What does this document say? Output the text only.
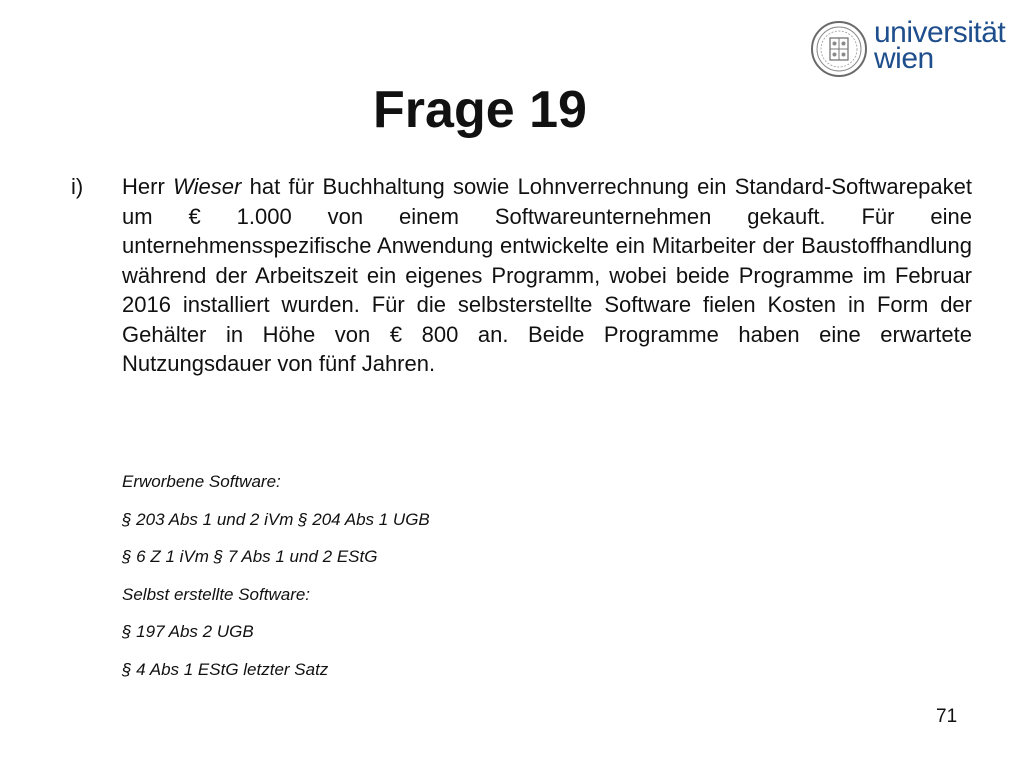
universität
wien
Frage 19
i) Herr Wieser hat für Buchhaltung sowie Lohnverrechnung ein Standard-Softwarepaket um € 1.000 von einem Softwareunternehmen gekauft. Für eine unternehmensspezifische Anwendung entwickelte ein Mitarbeiter der Baustoffhandlung während der Arbeitszeit ein eigenes Programm, wobei beide Programme im Februar 2016 installiert wurden. Für die selbsterstellte Software fielen Kosten in Form der Gehälter in Höhe von € 800 an. Beide Programme haben eine erwartete Nutzungsdauer von fünf Jahren.
Erworbene Software:
§ 203 Abs 1 und 2 iVm § 204 Abs 1 UGB
§ 6 Z 1 iVm § 7 Abs 1 und 2 EStG
Selbst erstellte Software:
§ 197 Abs 2 UGB
§ 4 Abs 1 EStG letzter Satz
71
